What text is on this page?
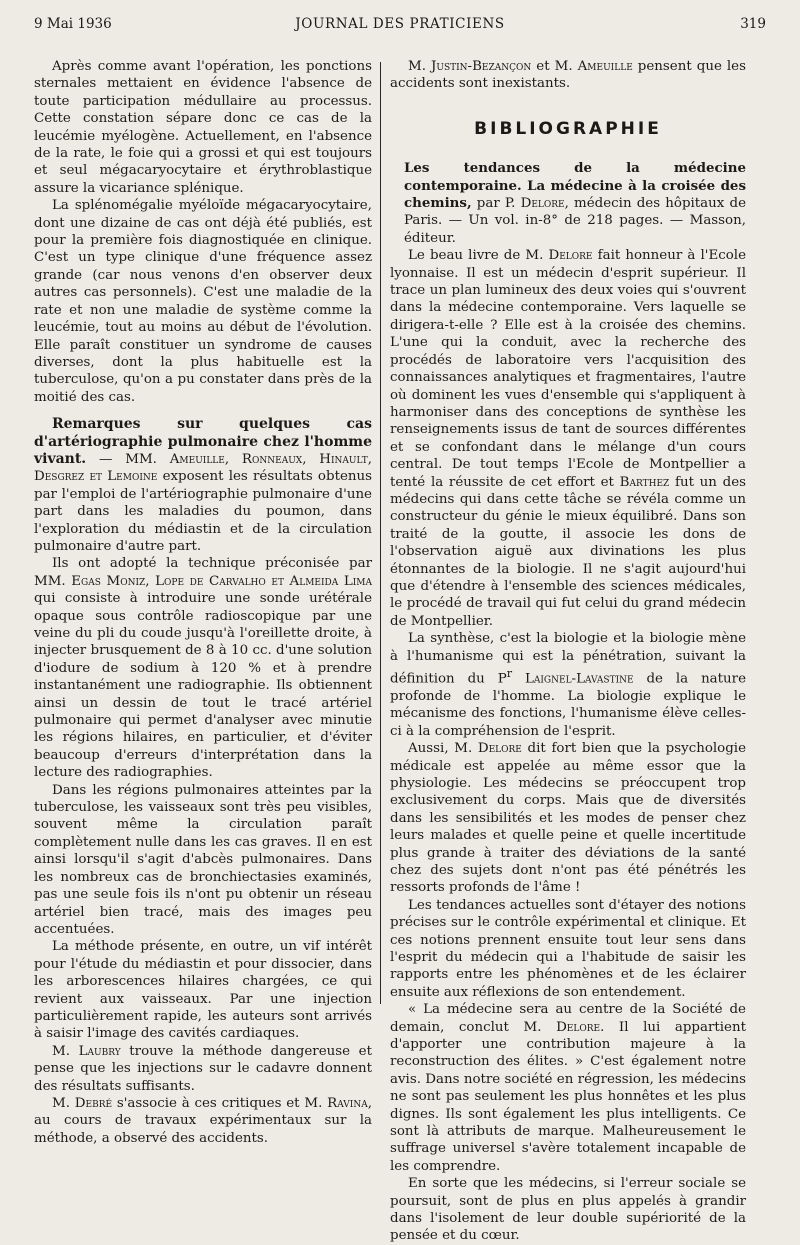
9 Mai 1936	JOURNAL DES PRATICIENS	319

Après comme avant l'opération, les ponctions sternales mettaient en évidence l'absence de toute participation médullaire au processus. Cette constation sépare donc ce cas de la leucémie myélogène. Actuellement, en l'absence de la rate, le foie qui a grossi et qui est toujours et seul mégacaryocytaire et érythroblastique assure la vicariance splénique.

La splénomégalie myéloïde mégacaryocytaire, dont une dizaine de cas ont déjà été publiés, est pour la première fois diagnostiquée en clinique. C'est un type clinique d'une fréquence assez grande (car nous venons d'en observer deux autres cas personnels). C'est une maladie de la rate et non une maladie de système comme la leucémie, tout au moins au début de l'évolution. Elle paraît constituer un syndrome de causes diverses, dont la plus habituelle est la tuberculose, qu'on a pu constater dans près de la moitié des cas.

Remarques sur quelques cas d'artériographie pulmonaire chez l'homme vivant. — MM. Ameuille, Ronneaux, Hinault, Desgrez et Lemoine exposent les résultats obtenus par l'emploi de l'artériographie pulmonaire d'une part dans les maladies du poumon, dans l'exploration du médiastin et de la circulation pulmonaire d'autre part.

Ils ont adopté la technique préconisée par MM. Egas Moniz, Lope de Carvalho et Almeida Lima qui consiste à introduire une sonde urétérale opaque sous contrôle radioscopique par une veine du pli du coude jusqu'à l'oreillette droite, à injecter brusquement de 8 à 10 cc. d'une solution d'iodure de sodium à 120 % et à prendre instantanément une radiographie. Ils obtiennent ainsi un dessin de tout le tracé artériel pulmonaire qui permet d'analyser avec minutie les régions hilaires, en particulier, et d'éviter beaucoup d'erreurs d'interprétation dans la lecture des radiographies.

Dans les régions pulmonaires atteintes par la tuberculose, les vaisseaux sont très peu visibles, souvent même la circulation paraît complètement nulle dans les cas graves. Il en est ainsi lorsqu'il s'agit d'abcès pulmonaires. Dans les nombreux cas de bronchiectasies examinés, pas une seule fois ils n'ont pu obtenir un réseau artériel bien tracé, mais des images peu accentuées.

La méthode présente, en outre, un vif intérêt pour l'étude du médiastin et pour dissocier, dans les arborescences hilaires chargées, ce qui revient aux vaisseaux. Par une injection particulièrement rapide, les auteurs sont arrivés à saisir l'image des cavités cardiaques.

M. Laubry trouve la méthode dangereuse et pense que les injections sur le cadavre donnent des résultats suffisants.

M. Debré s'associe à ces critiques et M. Ravina, au cours de travaux expérimentaux sur la méthode, a observé des accidents.

M. Justin-Bezançon et M. Ameuille pensent que les accidents sont inexistants.

BIBLIOGRAPHIE

Les tendances de la médecine contemporaine. La médecine à la croisée des chemins, par P. Delore, médecin des hôpitaux de Paris. — Un vol. in-8° de 218 pages. — Masson, éditeur.

Le beau livre de M. Delore fait honneur à l'Ecole lyonnaise. Il est un médecin d'esprit supérieur. Il trace un plan lumineux des deux voies qui s'ouvrent dans la médecine contemporaine. Vers laquelle se dirigera-t-elle ? Elle est à la croisée des chemins. L'une qui la conduit, avec la recherche des procédés de laboratoire vers l'acquisition des connaissances analytiques et fragmentaires, l'autre où dominent les vues d'ensemble qui s'appliquent à harmoniser dans des conceptions de synthèse les renseignements issus de tant de sources différentes et se confondant dans le mélange d'un cours central. De tout temps l'Ecole de Montpellier a tenté la réussite de cet effort et Barthez fut un des médecins qui dans cette tâche se révéla comme un constructeur du génie le mieux équilibré. Dans son traité de la goutte, il associe les dons de l'observation aiguë aux divinations les plus étonnantes de la biologie. Il ne s'agit aujourd'hui que d'étendre à l'ensemble des sciences médicales, le procédé de travail qui fut celui du grand médecin de Montpellier.

La synthèse, c'est la biologie et la biologie mène à l'humanisme qui est la pénétration, suivant la définition du $P^r$ Laignel-Lavastine de la nature profonde de l'homme. La biologie explique le mécanisme des fonctions, l'humanisme élève celles-ci à la compréhension de l'esprit.

Aussi, M. Delore dit fort bien que la psychologie médicale est appelée au même essor que la physiologie. Les médecins se préoccupent trop exclusivement du corps. Mais que de diversités dans les sensibilités et les modes de penser chez leurs malades et quelle peine et quelle incertitude plus grande à traiter des déviations de la santé chez des sujets dont n'ont pas été pénétrés les ressorts profonds de l'âme !

Les tendances actuelles sont d'étayer des notions précises sur le contrôle expérimental et clinique. Et ces notions prennent ensuite tout leur sens dans l'esprit du médecin qui a l'habitude de saisir les rapports entre les phénomènes et de les éclairer ensuite aux réflexions de son entendement.

« La médecine sera au centre de la Société de demain, conclut M. Delore. Il lui appartient d'apporter une contribution majeure à la reconstruction des élites. » C'est également notre avis. Dans notre société en régression, les médecins ne sont pas seulement les plus honnêtes et les plus dignes. Ils sont également les plus intelligents. Ce sont là attributs de marque. Malheureusement le suffrage universel s'avère totalement incapable de les comprendre.

En sorte que les médecins, si l'erreur sociale se poursuit, sont de plus en plus appelés à grandir dans l'isolement de leur double supériorité de la pensée et du cœur.
